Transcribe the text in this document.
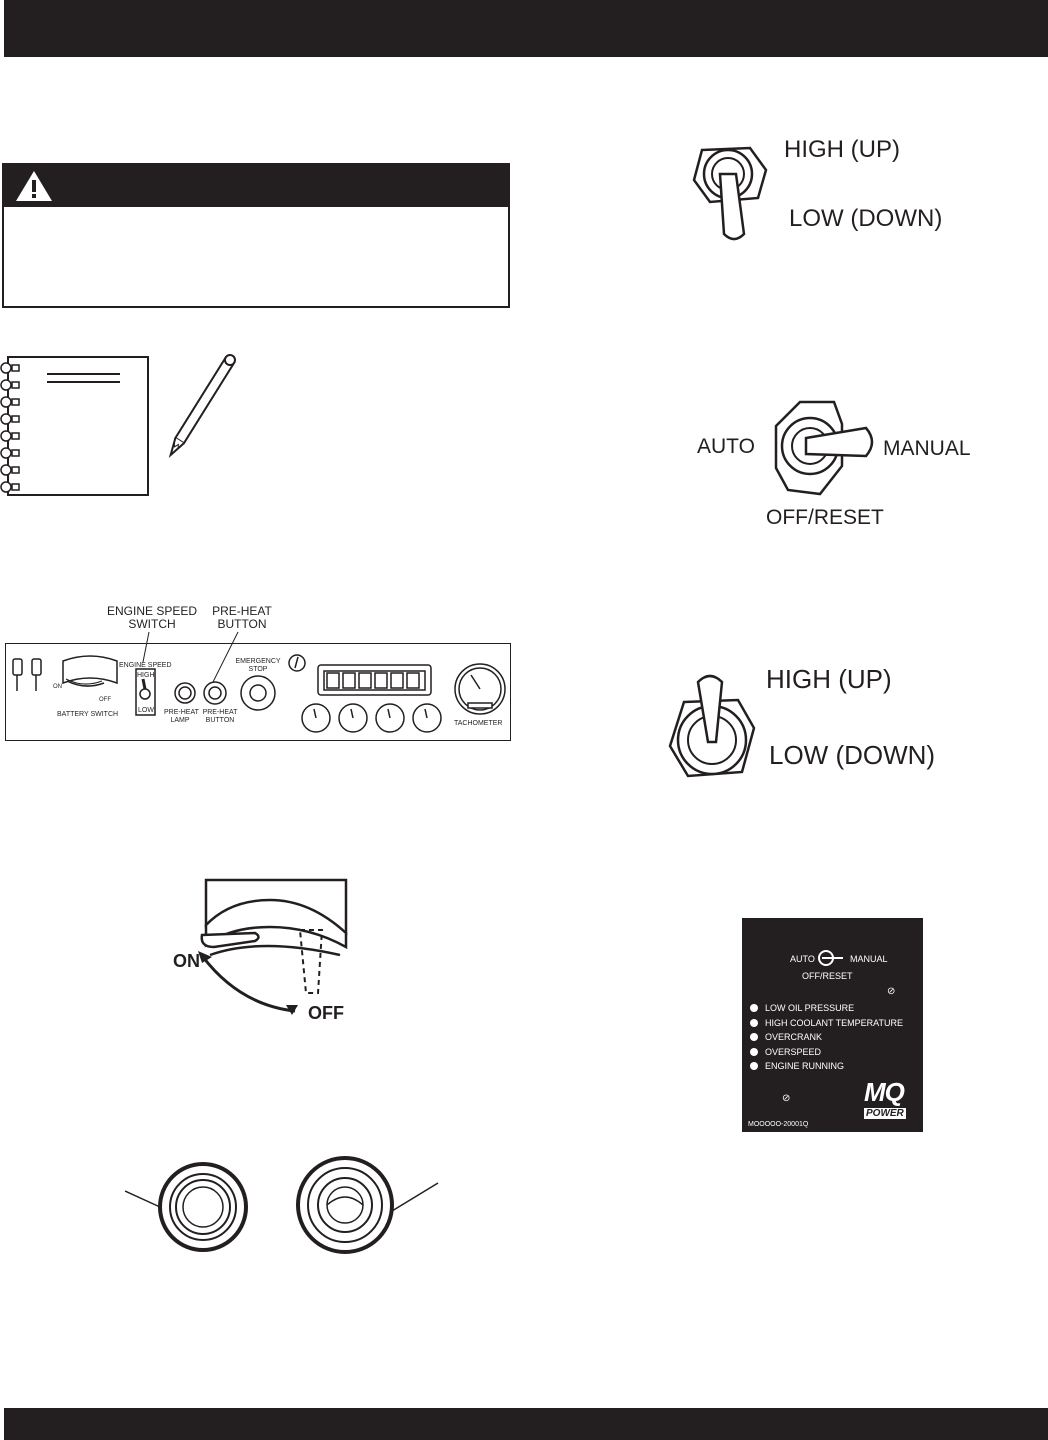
ENGINE SPEED
SWITCH
PRE-HEAT
BUTTON
ENGINE SPEED
HIGH
LOW
ON
OFF
BATTERY SWITCH	PRE-HEAT
LAMP
PRE-HEAT
BUTTON
EMERGENCY
STOP
TACHOMETER
ON
OFF
HIGH (UP)
LOW (DOWN)
AUTO	MANUAL
OFF/RESET
HIGH (UP)
LOW (DOWN)
AUTO	MANUAL
OFF/RESET
⊘
LOW OIL PRESSURE
HIGH COOLANT TEMPERATURE
OVERCRANK
OVERSPEED
ENGINE RUNNING
⊘	MQ
POWER
MOOOOO-20001Q
